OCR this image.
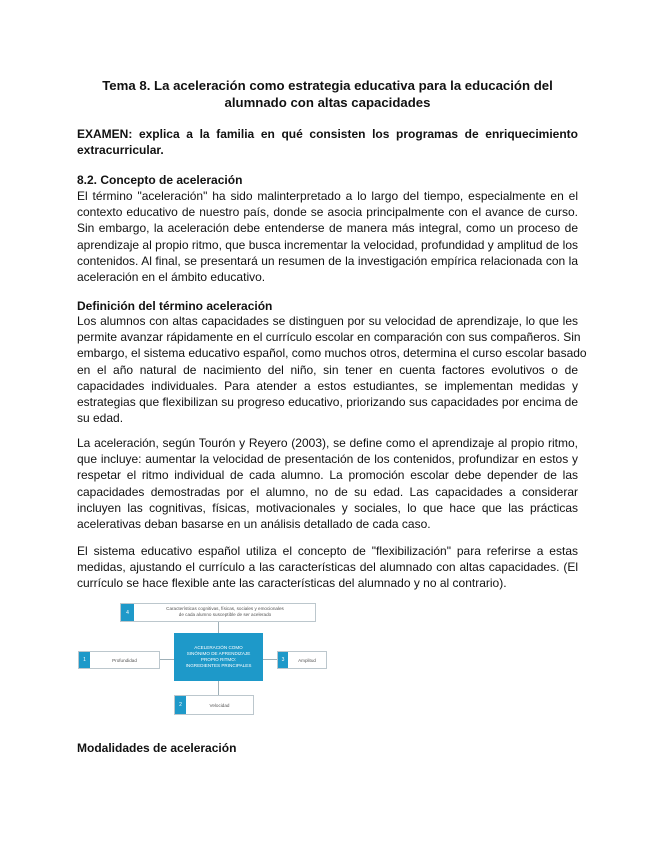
Tema 8. La aceleración como estrategia educativa para la educación del
alumnado con altas capacidades
EXAMEN: explica a la familia en qué consisten los programas de enriquecimiento
extracurricular.
8.2. Concepto de aceleración
El término "aceleración" ha sido malinterpretado a lo largo del tiempo, especialmente en el
contexto educativo de nuestro país, donde se asocia principalmente con el avance de curso.
Sin embargo, la aceleración debe entenderse de manera más integral, como un proceso de
aprendizaje al propio ritmo, que busca incrementar la velocidad, profundidad y amplitud de los
contenidos. Al final, se presentará un resumen de la investigación empírica relacionada con la
aceleración en el ámbito educativo.
Definición del término aceleración
Los alumnos con altas capacidades se distinguen por su velocidad de aprendizaje, lo que les
permite avanzar rápidamente en el currículo escolar en comparación con sus compañeros. Sin
embargo, el sistema educativo español, como muchos otros, determina el curso escolar basado
en el año natural de nacimiento del niño, sin tener en cuenta factores evolutivos o de
capacidades individuales. Para atender a estos estudiantes, se implementan medidas y
estrategias que flexibilizan su progreso educativo, priorizando sus capacidades por encima de
su edad.
La aceleración, según Tourón y Reyero (2003), se define como el aprendizaje al propio ritmo,
que incluye: aumentar la velocidad de presentación de los contenidos, profundizar en estos y
respetar el ritmo individual de cada alumno. La promoción escolar debe depender de las
capacidades demostradas por el alumno, no de su edad. Las capacidades a considerar
incluyen las cognitivas, físicas, motivacionales y sociales, lo que hace que las prácticas
acelerativas deban basarse en un análisis detallado de cada caso.
El sistema educativo español utiliza el concepto de "flexibilización" para referirse a estas
medidas, ajustando el currículo a las características del alumnado con altas capacidades. (El
currículo se hace flexible ante las características del alumnado y no al contrario).
Modalidades de aceleración
4
Características cognitivas, físicas, sociales y emocionales
de cada alumno susceptible de ser acelerado
ACELERACIÓN COMO
SINÓNIMO DE APRENDIZAJE
PROPIO RITMO:
INGREDIENTES PRINCIPALES
1	Profundidad	3	Amplitud
2	Velocidad
